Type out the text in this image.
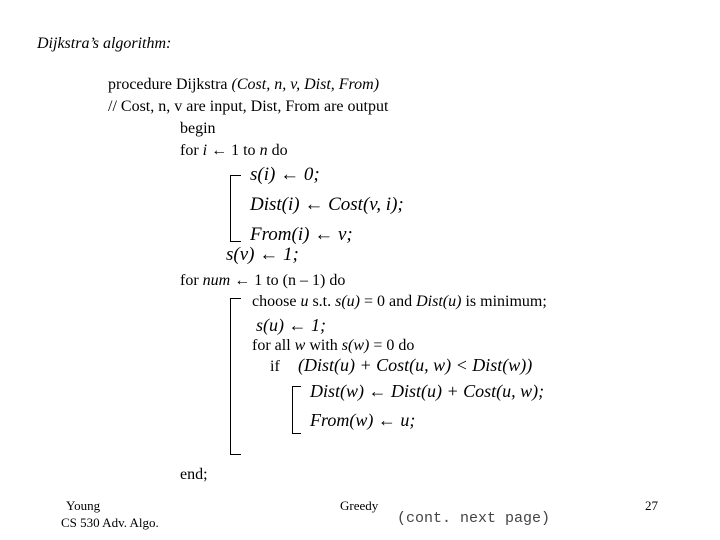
Dijkstra’s algorithm:
procedure Dijkstra (Cost, n, v, Dist, From)
// Cost, n, v are input, Dist, From are output
begin
for i ← 1 to n do
s(i) ← 0;
Dist(i) ← Cost(v, i);
From(i) ← v;
s(v) ← 1;
for num ← 1 to (n – 1) do
choose u s.t. s(u) = 0 and Dist(u) is minimum;
s(u) ← 1;
for all w with s(w) = 0 do
if (Dist(u) + Cost(u, w) < Dist(w))
Dist(w) ← Dist(u) + Cost(u, w);
From(w) ← u;
end;
Young
CS 530 Adv. Algo.
Greedy
(cont. next page)
27
